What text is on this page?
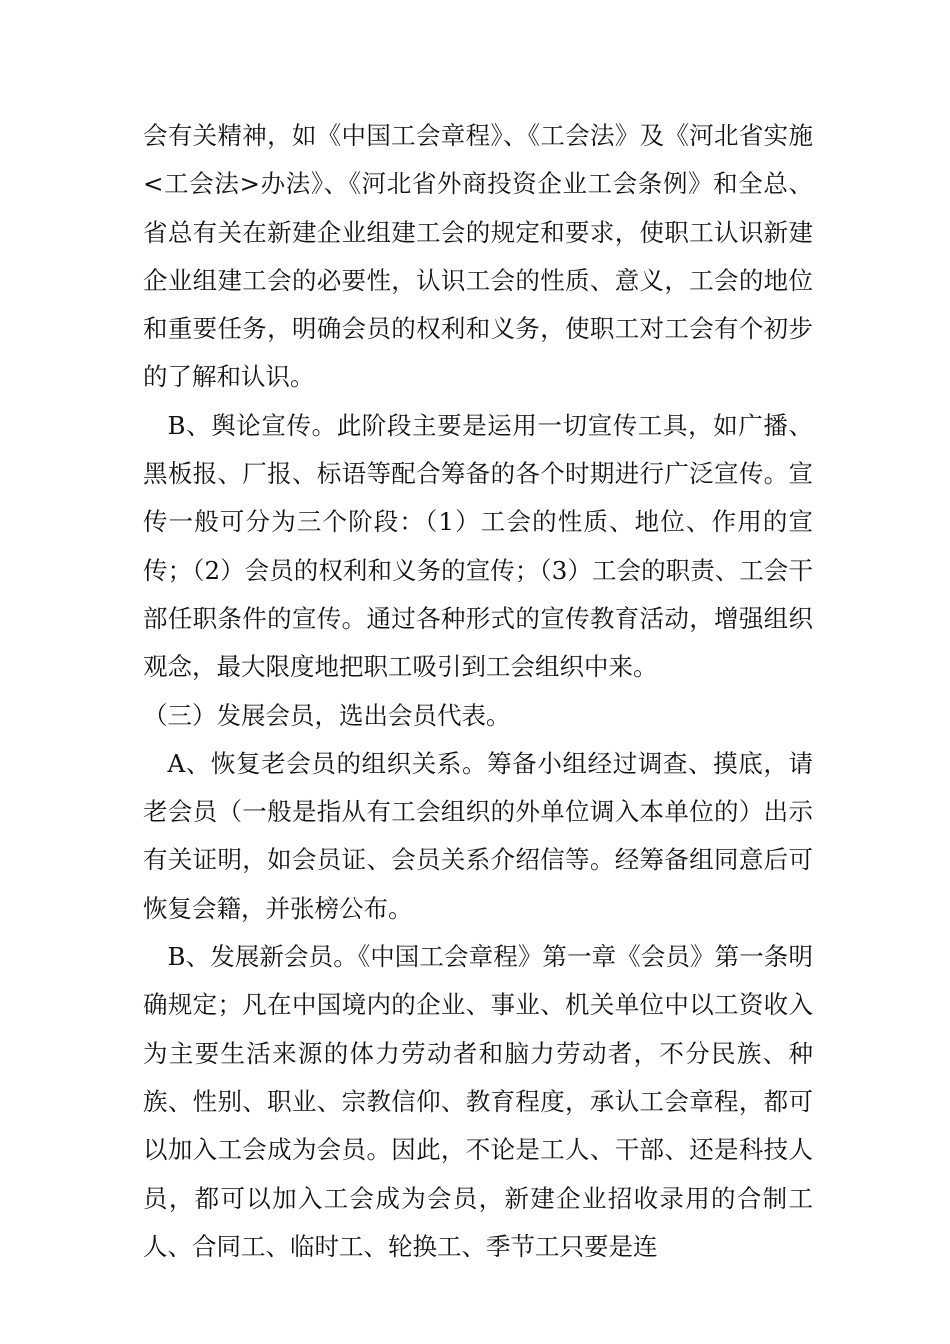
会有关精神，如《中国工会章程》、《工会法》及《河北省实施<工会法>办法》、《河北省外商投资企业工会条例》和全总、省总有关在新建企业组建工会的规定和要求，使职工认识新建企业组建工会的必要性，认识工会的性质、意义，工会的地位和重要任务，明确会员的权利和义务，使职工对工会有个初步的了解和认识。

B、舆论宣传。此阶段主要是运用一切宣传工具，如广播、黑板报、厂报、标语等配合筹备的各个时期进行广泛宣传。宣传一般可分为三个阶段：（1）工会的性质、地位、作用的宣传；（2）会员的权利和义务的宣传；（3）工会的职责、工会干部任职条件的宣传。通过各种形式的宣传教育活动，增强组织观念，最大限度地把职工吸引到工会组织中来。

（三）发展会员，选出会员代表。

A、恢复老会员的组织关系。筹备小组经过调查、摸底，请老会员（一般是指从有工会组织的外单位调入本单位的）出示有关证明，如会员证、会员关系介绍信等。经筹备组同意后可恢复会籍，并张榜公布。

B、发展新会员。《中国工会章程》第一章《会员》第一条明确规定；凡在中国境内的企业、事业、机关单位中以工资收入为主要生活来源的体力劳动者和脑力劳动者，不分民族、种族、性别、职业、宗教信仰、教育程度，承认工会章程，都可以加入工会成为会员。因此，不论是工人、干部、还是科技人员，都可以加入工会成为会员，新建企业招收录用的合制工人、合同工、临时工、轮换工、季节工只要是连
